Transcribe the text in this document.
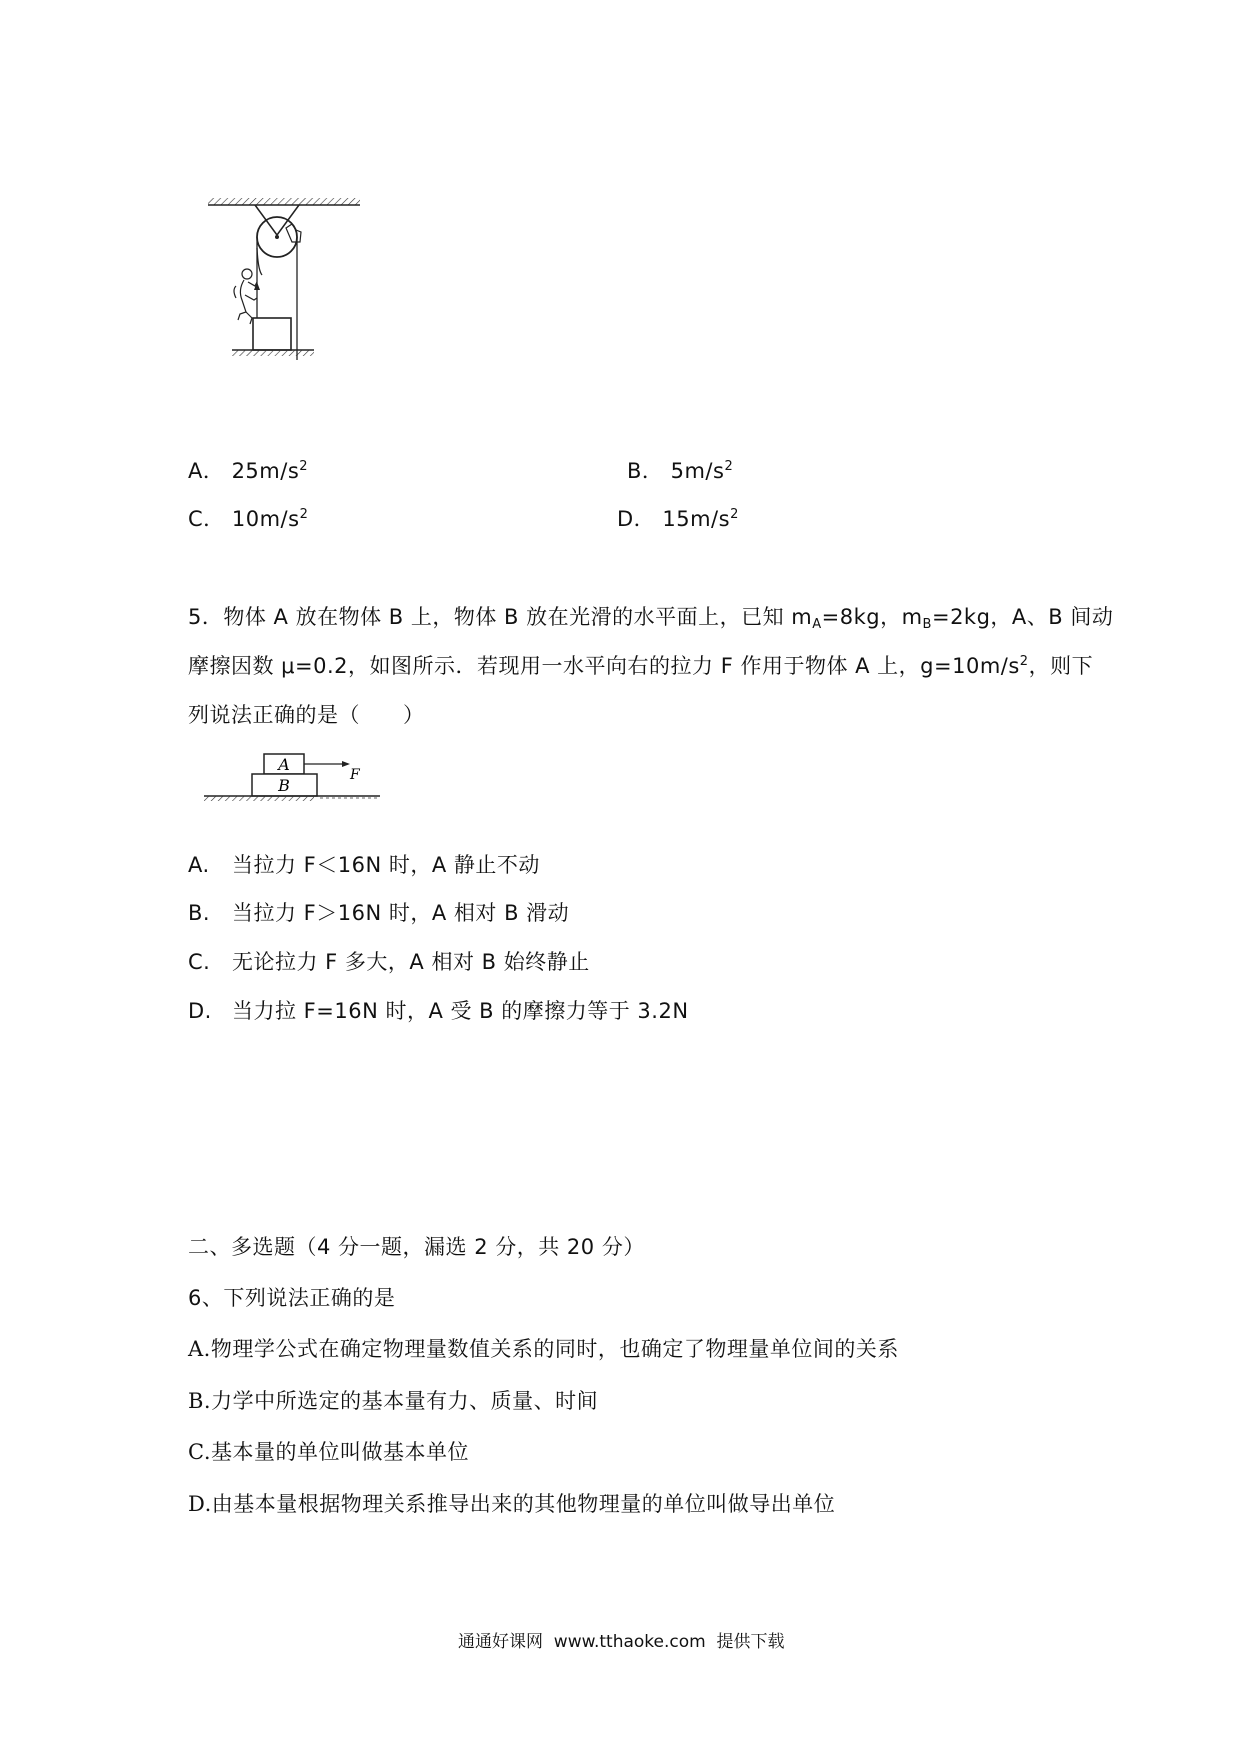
A． $25m/s^2$	B． $5m/s^2$
C． $10m/s^2$	D． $15m/s^2$
5．物体 A 放在物体 B 上，物体 B 放在光滑的水平面上，已知 $m_A=8kg$，$m_B=2kg$，A、B 间动
摩擦因数 μ=0.2，如图所示．若现用一水平向右的拉力 F 作用于物体 A 上，$g=10m/s^2$，则下
列说法正确的是（　　）
A
B
F
A. 当拉力 F＜16N 时，A 静止不动
B. 当拉力 F＞16N 时，A 相对 B 滑动
C. 无论拉力 F 多大，A 相对 B 始终静止
D. 当力拉 F=16N 时，A 受 B 的摩擦力等于 3.2N
二、多选题（4 分一题，漏选 2 分，共 20 分）
6、下列说法正确的是
A.物理学公式在确定物理量数值关系的同时，也确定了物理量单位间的关系
B.力学中所选定的基本量有力、质量、时间
C.基本量的单位叫做基本单位
D.由基本量根据物理关系推导出来的其他物理量的单位叫做导出单位
通通好课网  www.tthaoke.com  提供下载
